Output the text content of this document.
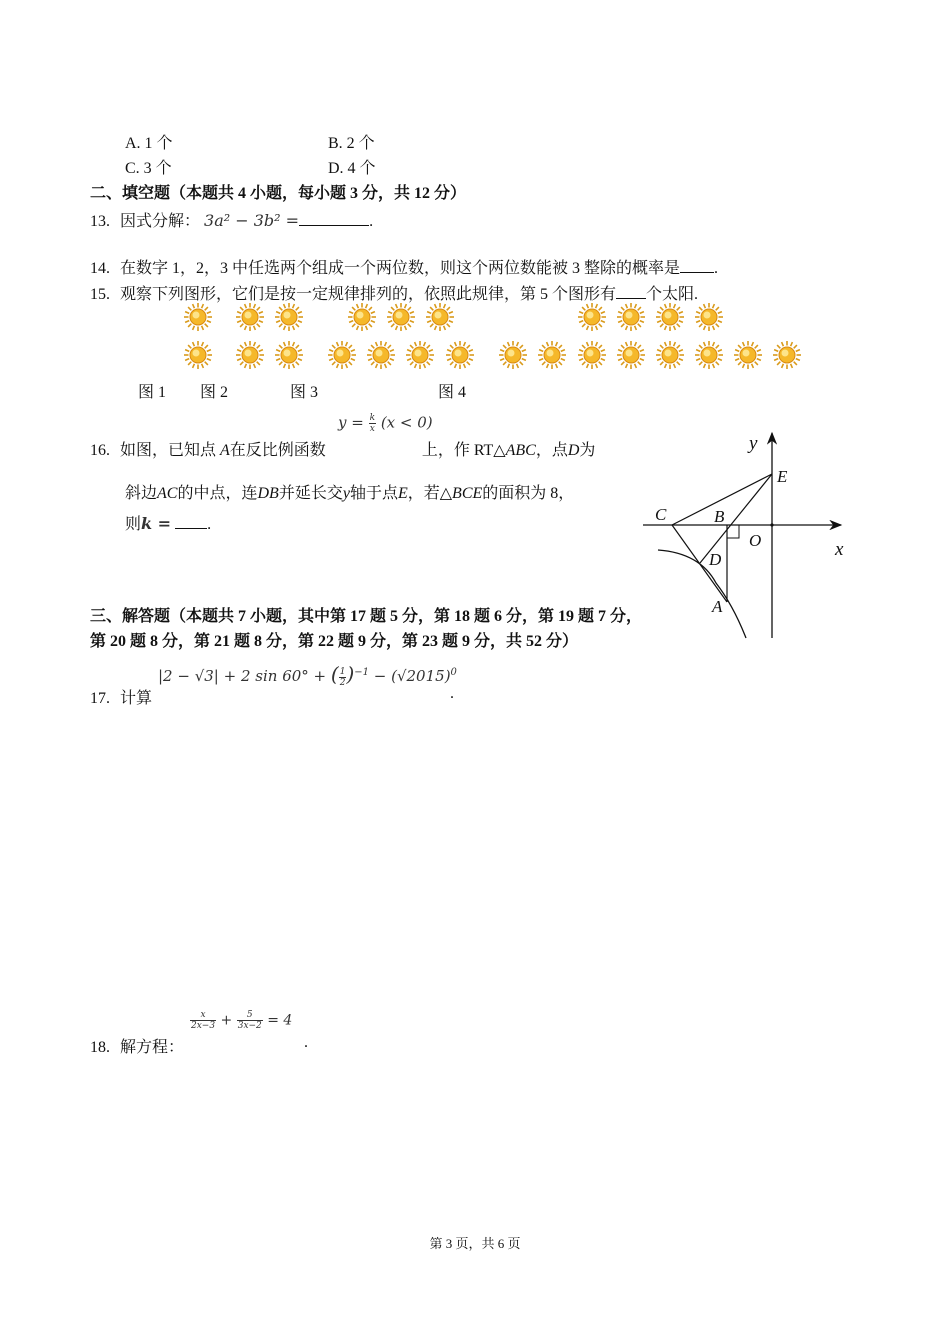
A. 1 个	B. 2 个
C. 3 个	D. 4 个
二、填空题（本题共 4 小题，每小题 3 分，共 12 分）
13. 因式分解： 3a² − 3b² =	.
14. 在数字 1，2，3 中任选两个组成一个两位数，则这个两位数能被 3 整除的概率是 .
15. 观察下列图形，它们是按一定规律排列的，依照此规律，第 5 个图形有 个太阳.
图 1 图 2	图 3	图 4
$y = \frac{k}{x} (x < 0)$
16. 如图，已知点 A在反比例函数	上，作 RT△ABC，点D为
斜边AC的中点，连DB并延长交y轴于点E，若△BCE的面积为 8，
则k = .
y
x
E
C	B
O
D
A
三、解答题（本题共 7 小题，其中第 17 题 5 分，第 18 题 6 分，第 19 题 7 分，
第 20 题 8 分，第 21 题 8 分，第 22 题 9 分，第 23 题 9 分，共 52 分）
|2 − √3| + 2 sin 60° + ( $\frac{1}{2} )^{-1} - (√2015)^0$
17. 计算	.
$\frac{x}{2x-3} + \frac{5}{3x-2} = 4$
18. 解方程：	.
第 3 页，共 6 页
